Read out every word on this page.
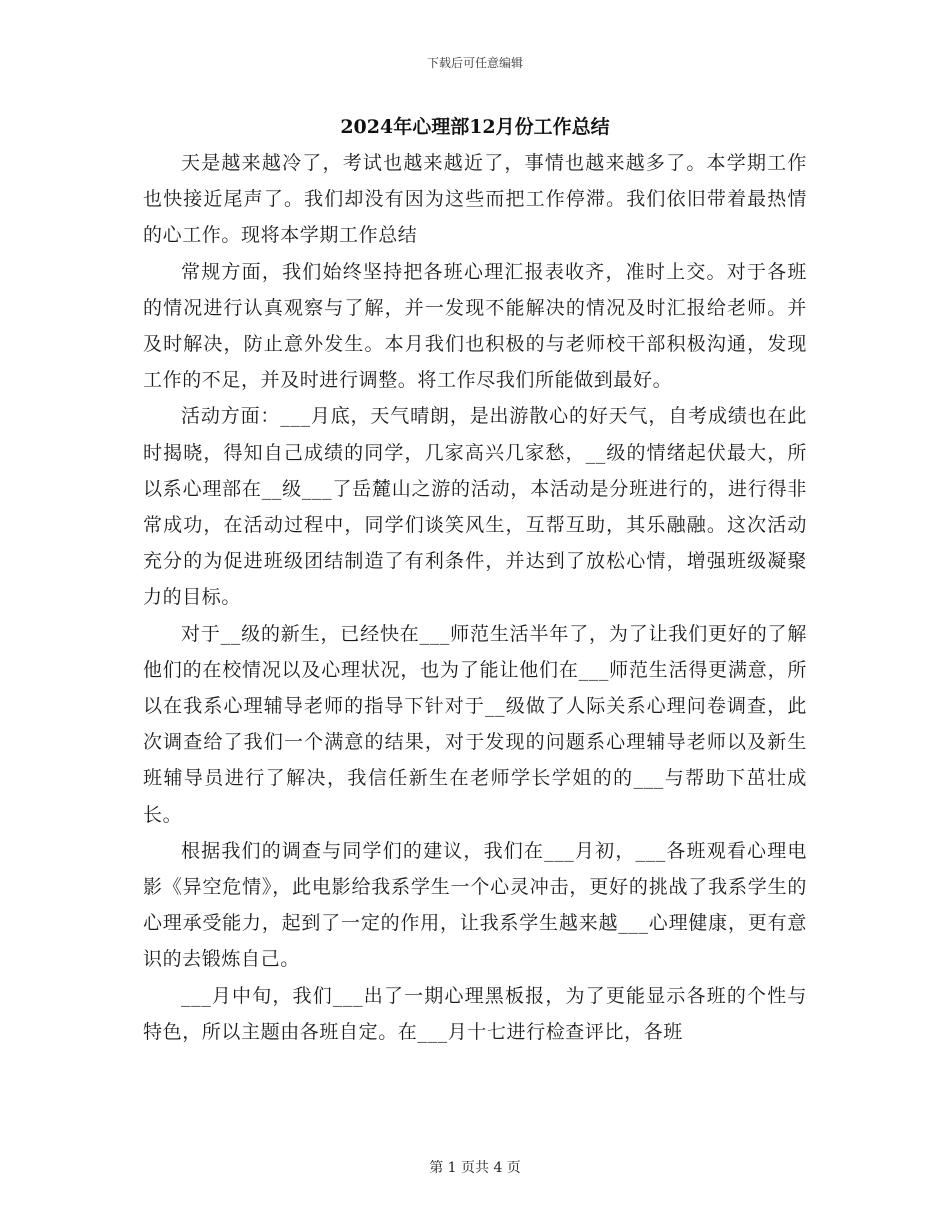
下载后可任意编辑
2024年心理部12月份工作总结

天是越来越冷了，考试也越来越近了，事情也越来越多了。本学期工作也快接近尾声了。我们却没有因为这些而把工作停滞。我们依旧带着最热情的心工作。现将本学期工作总结

常规方面，我们始终坚持把各班心理汇报表收齐，准时上交。对于各班的情况进行认真观察与了解，并一发现不能解决的情况及时汇报给老师。并及时解决，防止意外发生。本月我们也积极的与老师校干部积极沟通，发现工作的不足，并及时进行调整。将工作尽我们所能做到最好。

活动方面：___月底，天气晴朗，是出游散心的好天气，自考成绩也在此时揭晓，得知自己成绩的同学，几家高兴几家愁，__级的情绪起伏最大，所以系心理部在__级___了岳麓山之游的活动，本活动是分班进行的，进行得非常成功，在活动过程中，同学们谈笑风生，互帮互助，其乐融融。这次活动充分的为促进班级团结制造了有利条件，并达到了放松心情，增强班级凝聚力的目标。

对于__级的新生，已经快在___师范生活半年了，为了让我们更好的了解他们的在校情况以及心理状况，也为了能让他们在___师范生活得更满意，所以在我系心理辅导老师的指导下针对于__级做了人际关系心理问卷调查，此次调查给了我们一个满意的结果，对于发现的问题系心理辅导老师以及新生班辅导员进行了解决，我信任新生在老师学长学姐的的___与帮助下茁壮成长。

根据我们的调查与同学们的建议，我们在___月初，___各班观看心理电影《异空危情》，此电影给我系学生一个心灵冲击，更好的挑战了我系学生的心理承受能力，起到了一定的作用，让我系学生越来越___心理健康，更有意识的去锻炼自己。

___月中旬，我们___出了一期心理黑板报，为了更能显示各班的个性与特色，所以主题由各班自定。在___月十七进行检查评比，各班

第 1 页共 4 页
